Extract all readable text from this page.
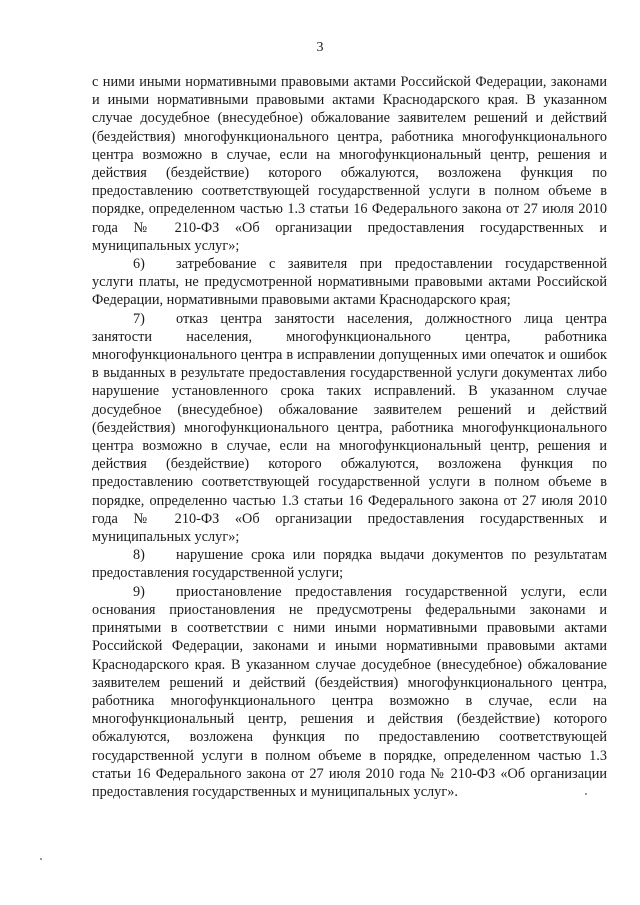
3

с ними иными нормативными правовыми актами Российской Федерации, законами и иными нормативными правовыми актами Краснодарского края. В указанном случае досудебное (внесудебное) обжалование заявителем решений и действий (бездействия) многофункционального центра, работника многофункционального центра возможно в случае, если на многофункциональный центр, решения и действия (бездействие) которого обжалуются, возложена функция по предоставлению соответствующей государственной услуги в полном объеме в порядке, определенном частью 1.3 статьи 16 Федерального закона от 27 июля 2010 года № 210-ФЗ «Об организации предоставления государственных и муниципальных услуг»;

6) затребование с заявителя при предоставлении государственной услуги платы, не предусмотренной нормативными правовыми актами Российской Федерации, нормативными правовыми актами Краснодарского края;

7) отказ центра занятости населения, должностного лица центра занятости населения, многофункционального центра, работника многофункционального центра в исправлении допущенных ими опечаток и ошибок в выданных в результате предоставления государственной услуги документах либо нарушение установленного срока таких исправлений. В указанном случае досудебное (внесудебное) обжалование заявителем решений и действий (бездействия) многофункционального центра, работника многофункционального центра возможно в случае, если на многофункциональный центр, решения и действия (бездействие) которого обжалуются, возложена функция по предоставлению соответствующей государственной услуги в полном объеме в порядке, определенно частью 1.3 статьи 16 Федерального закона от 27 июля 2010 года № 210-ФЗ «Об организации предоставления государственных и муниципальных услуг»;

8) нарушение срока или порядка выдачи документов по результатам предоставления государственной услуги;

9) приостановление предоставления государственной услуги, если основания приостановления не предусмотрены федеральными законами и принятыми в соответствии с ними иными нормативными правовыми актами Российской Федерации, законами и иными нормативными правовыми актами Краснодарского края. В указанном случае досудебное (внесудебное) обжалование заявителем решений и действий (бездействия) многофункционального центра, работника многофункционального центра возможно в случае, если на многофункциональный центр, решения и действия (бездействие) которого обжалуются, возложена функция по предоставлению соответствующей государственной услуги в полном объеме в порядке, определенном частью 1.3 статьи 16 Федерального закона от 27 июля 2010 года № 210-ФЗ «Об организации предоставления государственных и муниципальных услуг».
